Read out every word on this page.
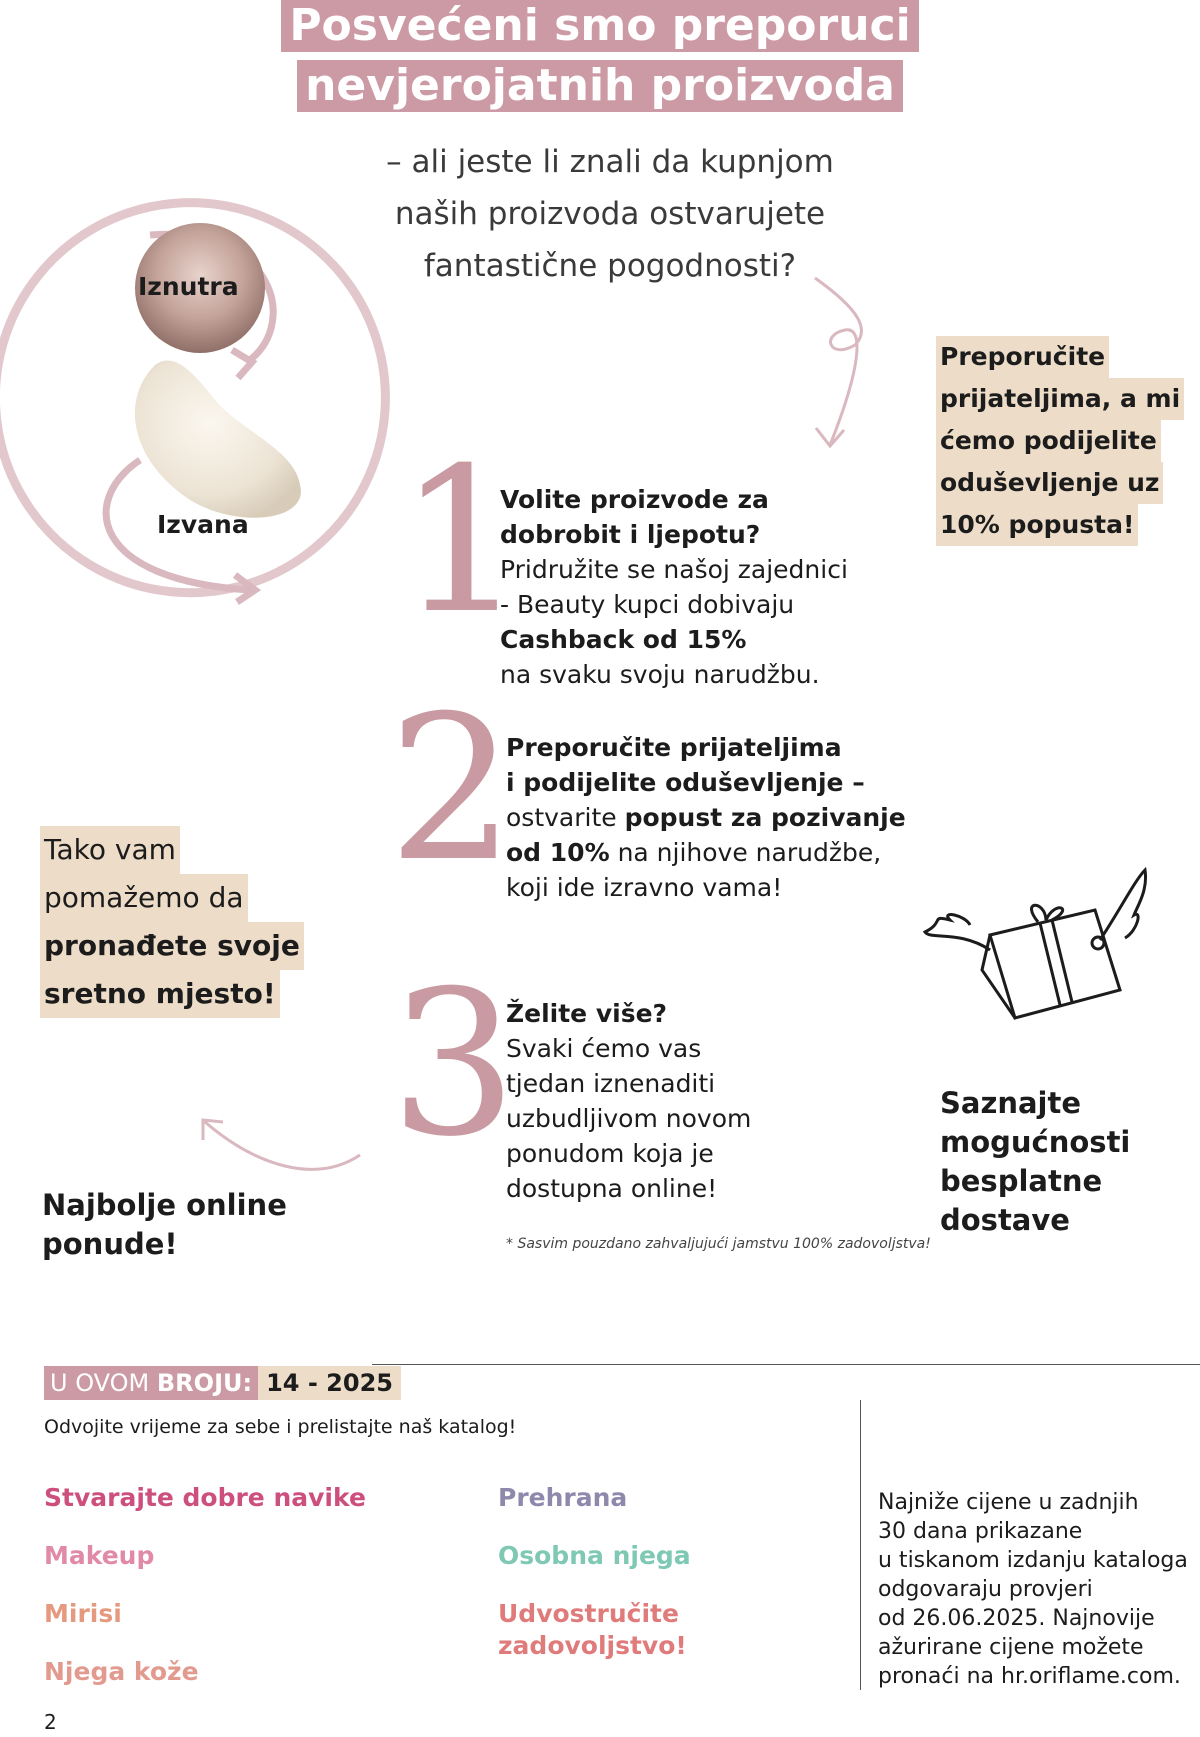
Posvećeni smo preporuci
nevjerojatnih proizvoda
– ali jeste li znali da kupnjom
naših proizvoda ostvarujete
fantastične pogodnosti?
Iznutra
Izvana
Preporučite
prijateljima, a mi
ćemo podijelite
oduševljenje uz
10% popusta!
1
Volite proizvode za
dobrobit i ljepotu?
Pridružite se našoj zajednici
- Beauty kupci dobivaju
Cashback od 15%
na svaku svoju narudžbu.
2
Preporučite prijateljima
i podijelite oduševljenje –
ostvarite popust za pozivanje
od 10% na njihove narudžbe,
koji ide izravno vama!
3
Želite više?
Svaki ćemo vas
tjedan iznenaditi
uzbudljivom novom
ponudom koja je
dostupna online!
* Sasvim pouzdano zahvaljujući jamstvu 100% zadovoljstva!
Tako vam
pomažemo da
pronađete svoje
sretno mjesto!
Najbolje online
ponude!
Saznajte
mogućnosti
besplatne
dostave
U OVOM BROJU: 14 - 2025
Odvojite vrijeme za sebe i prelistajte naš katalog!
Stvarajte dobre navike
Makeup
Mirisi
Njega kože
Prehrana
Osobna njega
Udvostručite
zadovoljstvo!
Najniže cijene u zadnjih
30 dana prikazane
u tiskanom izdanju kataloga
odgovaraju provjeri
od 26.06.2025. Najnovije
ažurirane cijene možete
pronaći na hr.oriflame.com.
2
